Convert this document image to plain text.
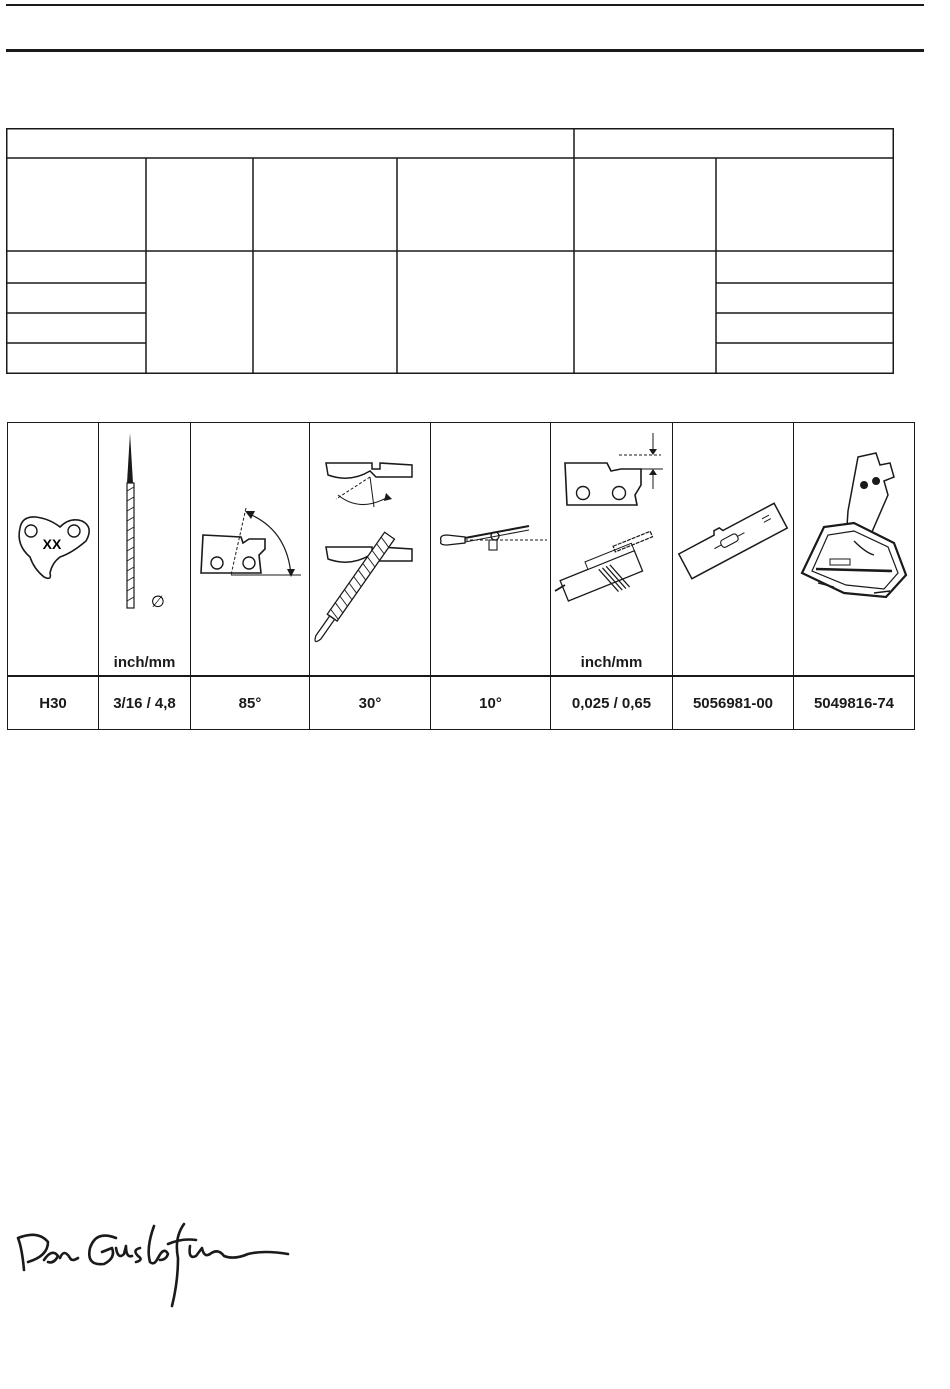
XX
∅
inch/mm	inch/mm
H30	3/16 / 4,8	85°	30°	10°	0,025 / 0,65	5056981-00	5049816-74
